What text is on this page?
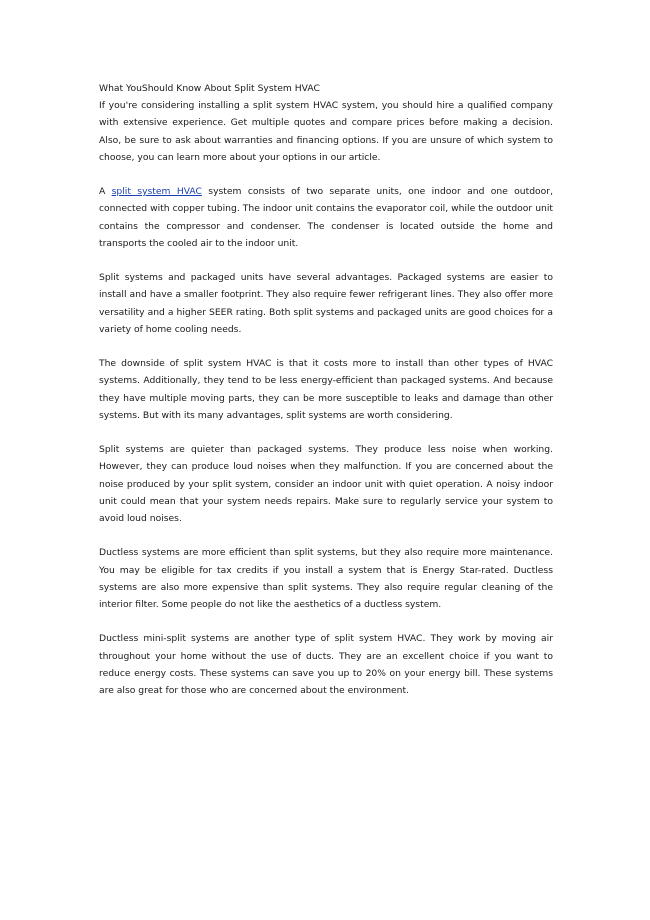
What YouShould Know About Split System HVAC

If you're considering installing a split system HVAC system, you should hire a qualified company with extensive experience. Get multiple quotes and compare prices before making a decision. Also, be sure to ask about warranties and financing options. If you are unsure of which system to choose, you can learn more about your options in our article.

A split system HVAC system consists of two separate units, one indoor and one outdoor, connected with copper tubing. The indoor unit contains the evaporator coil, while the outdoor unit contains the compressor and condenser. The condenser is located outside the home and transports the cooled air to the indoor unit.

Split systems and packaged units have several advantages. Packaged systems are easier to install and have a smaller footprint. They also require fewer refrigerant lines. They also offer more versatility and a higher SEER rating. Both split systems and packaged units are good choices for a variety of home cooling needs.

The downside of split system HVAC is that it costs more to install than other types of HVAC systems. Additionally, they tend to be less energy-efficient than packaged systems. And because they have multiple moving parts, they can be more susceptible to leaks and damage than other systems. But with its many advantages, split systems are worth considering.

Split systems are quieter than packaged systems. They produce less noise when working. However, they can produce loud noises when they malfunction. If you are concerned about the noise produced by your split system, consider an indoor unit with quiet operation. A noisy indoor unit could mean that your system needs repairs. Make sure to regularly service your system to avoid loud noises.

Ductless systems are more efficient than split systems, but they also require more maintenance. You may be eligible for tax credits if you install a system that is Energy Star-rated. Ductless systems are also more expensive than split systems. They also require regular cleaning of the interior filter. Some people do not like the aesthetics of a ductless system.

Ductless mini-split systems are another type of split system HVAC. They work by moving air throughout your home without the use of ducts. They are an excellent choice if you want to reduce energy costs. These systems can save you up to 20% on your energy bill. These systems are also great for those who are concerned about the environment.
